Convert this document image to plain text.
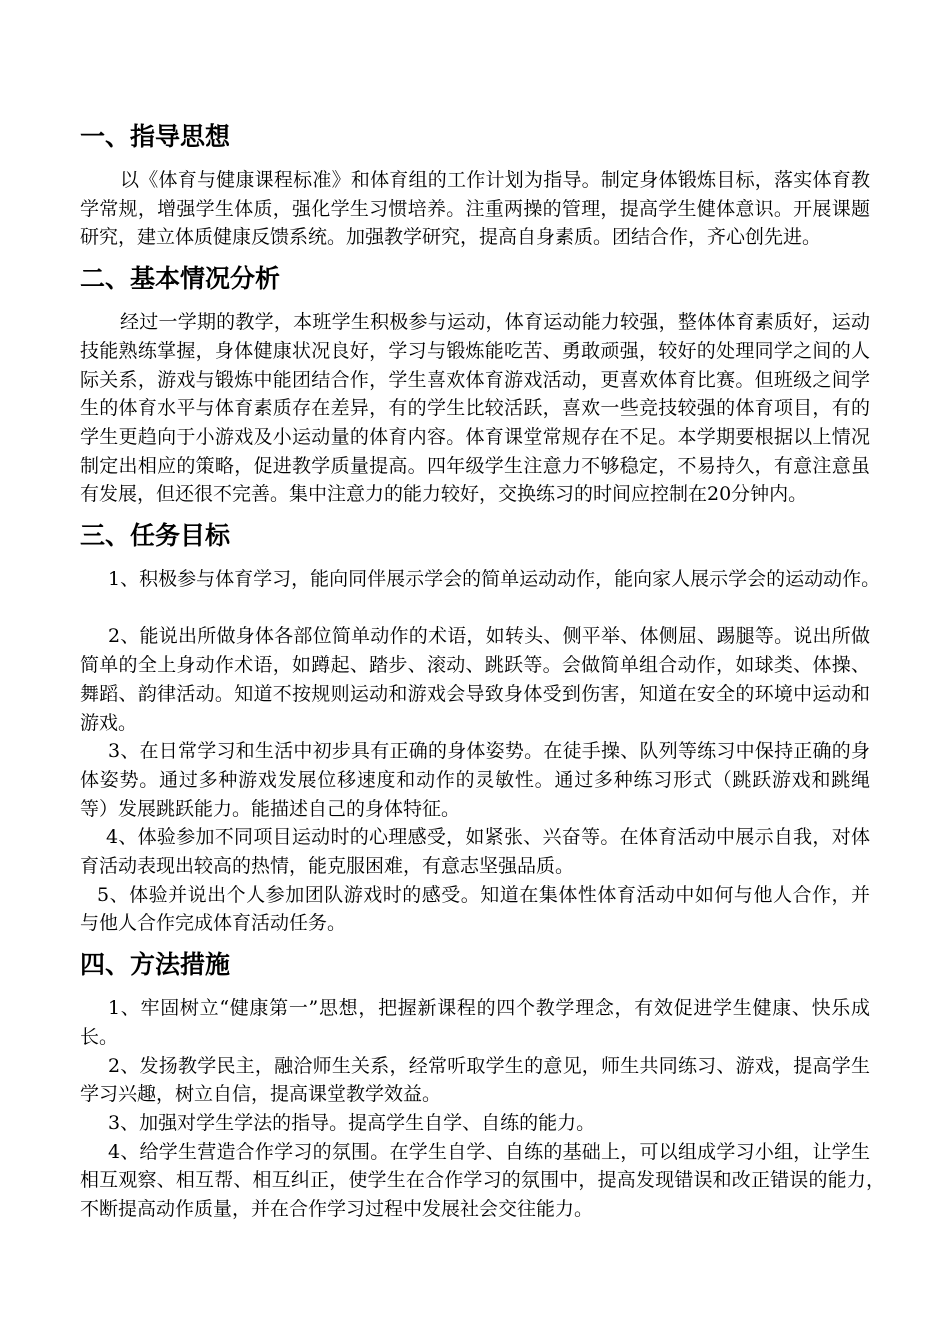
一、指导思想
以《体育与健康课程标准》和体育组的工作计划为指导。制定身体锻炼目标，落实体育教
学常规，增强学生体质，强化学生习惯培养。注重两操的管理，提高学生健体意识。开展课题
研究，建立体质健康反馈系统。加强教学研究，提高自身素质。团结合作，齐心创先进。
二、基本情况分析
经过一学期的教学，本班学生积极参与运动，体育运动能力较强，整体体育素质好，运动
技能熟练掌握，身体健康状况良好，学习与锻炼能吃苦、勇敢顽强，较好的处理同学之间的人
际关系，游戏与锻炼中能团结合作，学生喜欢体育游戏活动，更喜欢体育比赛。但班级之间学
生的体育水平与体育素质存在差异，有的学生比较活跃，喜欢一些竞技较强的体育项目，有的
学生更趋向于小游戏及小运动量的体育内容。体育课堂常规存在不足。本学期要根据以上情况
制定出相应的策略，促进教学质量提高。四年级学生注意力不够稳定，不易持久，有意注意虽
有发展，但还很不完善。集中注意力的能力较好，交换练习的时间应控制在20分钟内。
三、任务目标
1、积极参与体育学习，能向同伴展示学会的简单运动动作，能向家人展示学会的运动动作。
2、能说出所做身体各部位简单动作的术语，如转头、侧平举、体侧屈、踢腿等。说出所做
简单的全上身动作术语，如蹲起、踏步、滚动、跳跃等。会做简单组合动作，如球类、体操、
舞蹈、韵律活动。知道不按规则运动和游戏会导致身体受到伤害，知道在安全的环境中运动和
游戏。
3、在日常学习和生活中初步具有正确的身体姿势。在徒手操、队列等练习中保持正确的身
体姿势。通过多种游戏发展位移速度和动作的灵敏性。通过多种练习形式（跳跃游戏和跳绳
等）发展跳跃能力。能描述自己的身体特征。
4、体验参加不同项目运动时的心理感受，如紧张、兴奋等。在体育活动中展示自我，对体
育活动表现出较高的热情，能克服困难，有意志坚强品质。
5、体验并说出个人参加团队游戏时的感受。知道在集体性体育活动中如何与他人合作，并
与他人合作完成体育活动任务。
四、方法措施
1、牢固树立“健康第一”思想，把握新课程的四个教学理念，有效促进学生健康、快乐成
长。
2、发扬教学民主，融洽师生关系，经常听取学生的意见，师生共同练习、游戏，提高学生
学习兴趣，树立自信，提高课堂教学效益。
3、加强对学生学法的指导。提高学生自学、自练的能力。
4、给学生营造合作学习的氛围。在学生自学、自练的基础上，可以组成学习小组，让学生
相互观察、相互帮、相互纠正，使学生在合作学习的氛围中，提高发现错误和改正错误的能力，
不断提高动作质量，并在合作学习过程中发展社会交往能力。
